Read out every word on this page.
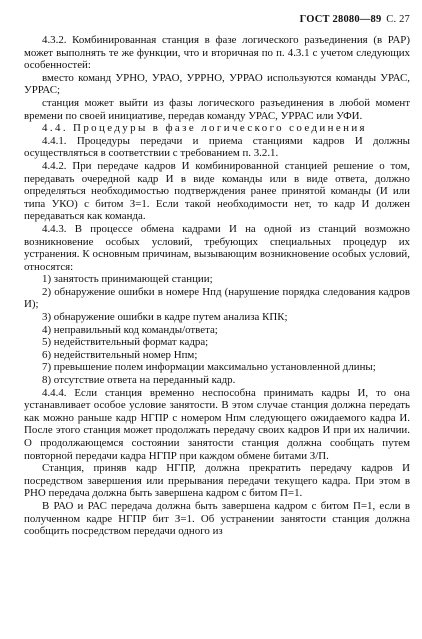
ГОСТ 28080—89 С. 27

4.3.2. Комбинированная станция в фазе логического разъединения (в РАР) может выполнять те же функции, что и вторичная по п. 4.3.1 с учетом следующих особенностей:

вместо команд УРНО, УРАО, УРРНО, УРРАО используются команды УРАС, УРРАС;

станция может выйти из фазы логического разъединения в любой момент времени по своей инициативе, передав команду УРАС, УРРАС или УФИ.

4.4. Процедуры в фазе логического соединения

4.4.1. Процедуры передачи и приема станциями кадров И должны осуществляться в соответствии с требованием п. 3.2.1.

4.4.2. При передаче кадров И комбинированной станцией решение о том, передавать очередной кадр И в виде команды или в виде ответа, должно определяться необходимостью подтверждения ранее принятой команды (И или типа УКО) с битом З=1. Если такой необходимости нет, то кадр И должен передаваться как команда.

4.4.3. В процессе обмена кадрами И на одной из станций возможно возникновение особых условий, требующих специальных процедур их устранения. К основным причинам, вызывающим возникновение особых условий, относятся:

1) занятость принимающей станции;

2) обнаружение ошибки в номере Нпд (нарушение порядка следования кадров И);

3) обнаружение ошибки в кадре путем анализа КПК;

4) неправильный код команды/ответа;

5) недействительный формат кадра;

6) недействительный номер Нпм;

7) превышение полем информации максимально установленной длины;

8) отсутствие ответа на переданный кадр.

4.4.4. Если станция временно неспособна принимать кадры И, то она устанавливает особое условие занятости. В этом случае станция должна передать как можно раньше кадр НГПР с номером Нпм следующего ожидаемого кадра И. После этого станция может продолжать передачу своих кадров И при их наличии. О продолжающемся состоянии занятости станция должна сообщать путем повторной передачи кадра НГПР при каждом обмене битами З/П.

Станция, приняв кадр НГПР, должна прекратить передачу кадров И посредством завершения или прерывания передачи текущего кадра. При этом в РНО передача должна быть завершена кадром с битом П=1.

В РАО и РАС передача должна быть завершена кадром с битом П=1, если в полученном кадре НГПР бит З=1. Об устранении занятости станция должна сообщить посредством передачи одного из
